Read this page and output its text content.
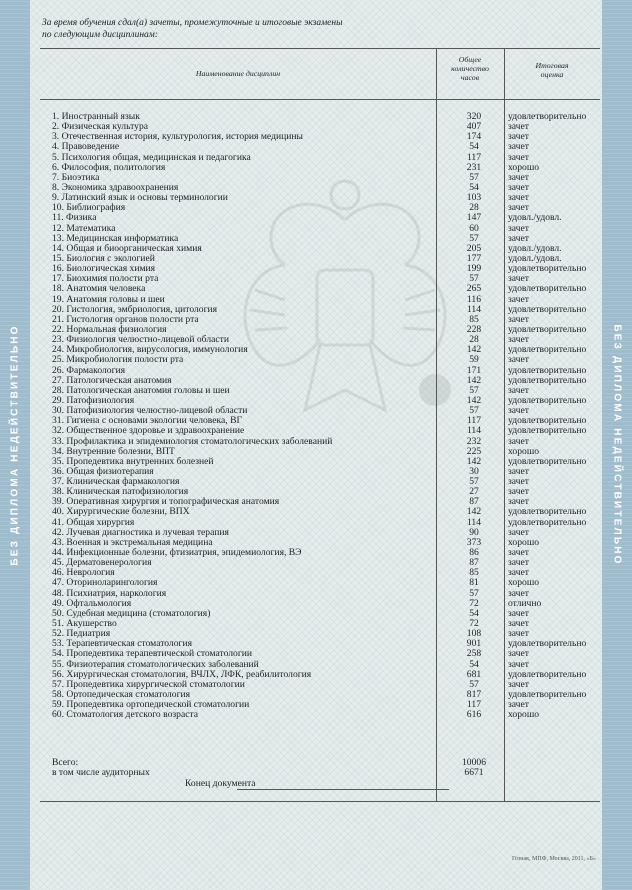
БЕЗ ДИПЛОМА НЕДЕЙСТВИТЕЛЬНО	БЕЗ ДИПЛОМА НЕДЕЙСТВИТЕЛЬНО
За время обучения сдал(а) зачеты, промежуточные и итоговые экзамены
по следующим дисциплинам:
Наименование дисциплин
Общее
количество
часов
Итоговая
оценка
1. Иностранный язык	320	удовлетворительно
2. Физическая культура	407	зачет
3. Отечественная история, культурология, история медицины	174	зачет
4. Правоведение	54	зачет
5. Психология общая, медицинская и педагогика	117	зачет
6. Философия, политология	231	хорошо
7. Биоэтика	57	зачет
8. Экономика здравоохранения	54	зачет
9. Латинский язык и основы терминологии	103	зачет
10. Библиография	28	зачет
11. Физика	147	удовл./удовл.
12. Математика	60	зачет
13. Медицинская информатика	57	зачет
14. Общая и биоорганическая химия	205	удовл./удовл.
15. Биология с экологией	177	удовл./удовл.
16. Биологическая химия	199	удовлетворительно
17. Биохимия полости рта	57	зачет
18. Анатомия человека	265	удовлетворительно
19. Анатомия головы и шеи	116	зачет
20. Гистология, эмбриология, цитология	114	удовлетворительно
21. Гистология органов полости рта	85	зачет
22. Нормальная физиология	228	удовлетворительно
23. Физиология челюстно-лицевой области	28	зачет
24. Микробиология, вирусология, иммунология	142	удовлетворительно
25. Микробиология полости рта	59	зачет
26. Фармакология	171	удовлетворительно
27. Патологическая анатомия	142	удовлетворительно
28. Патологическая анатомия головы и шеи	57	зачет
29. Патофизиология	142	удовлетворительно
30. Патофизиология челюстно-лицевой области	57	зачет
31. Гигиена с основами экологии человека, ВГ	117	удовлетворительно
32. Общественное здоровье и здравоохранение	114	удовлетворительно
33. Профилактика и эпидемиология стоматологических заболеваний	232	зачет
34. Внутренние болезни, ВПТ	225	хорошо
35. Пропедевтика внутренних болезней	142	удовлетворительно
36. Общая физиотерапия	30	зачет
37. Клиническая фармакология	57	зачет
38. Клиническая патофизиология	27	зачет
39. Оперативная хирургия и топографическая анатомия	87	зачет
40. Хирургические болезни, ВПХ	142	удовлетворительно
41. Общая хирургия	114	удовлетворительно
42. Лучевая диагностика и лучевая терапия	90	зачет
43. Военная и экстремальная медицина	373	хорошо
44. Инфекционные болезни, фтизиатрия, эпидемиология, ВЭ	86	зачет
45. Дерматовенерология	87	зачет
46. Неврология	85	зачет
47. Оториноларингология	81	хорошо
48. Психиатрия, наркология	57	зачет
49. Офтальмология	72	отлично
50. Судебная медицина (стоматология)	54	зачет
51. Акушерство	72	зачет
52. Педиатрия	108	зачет
53. Терапевтическая стоматология	901	удовлетворительно
54. Пропедевтика терапевтической стоматологии	258	зачет
55. Физиотерапия стоматологических заболеваний	54	зачет
56. Хирургическая стоматология, ВЧЛХ, ЛФК, реабилитология	681	удовлетворительно
57. Пропедевтика хирургической стоматологии	57	зачет
58. Ортопедическая стоматология	817	удовлетворительно
59. Пропедевтика ортопедической стоматологии	117	зачет
60. Стоматология детского возраста	616	хорошо
Всего:	10006
в том числе аудиторных	6671
Конец документа
Гознак, МПФ, Москва, 2011, «Б»
